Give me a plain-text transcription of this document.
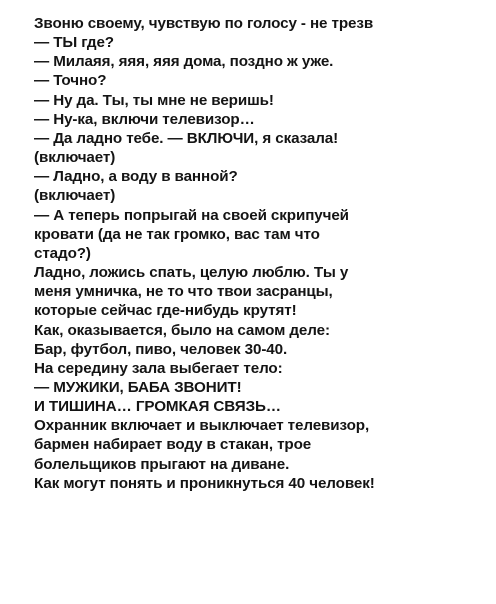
Звоню своему, чувствую по голосу - не трезв
— ТЫ где?
— Милаяя, яяя, яяя дома, поздно ж уже.
— Точно?
— Ну да. Ты, ты мне не веришь!
— Ну-ка, включи телевизор…
— Да ладно тебе. — ВКЛЮЧИ, я сказала!
(включает)
— Ладно, а воду в ванной?
(включает)
— А теперь попрыгай на своей скрипучей
кровати (да не так громко, вас там что
стадо?)
Ладно, ложись спать, целую люблю. Ты у
меня умничка, не то что твои засранцы,
которые сейчас где-нибудь крутят!
Как, оказывается, было на самом деле:
Бар, футбол, пиво, человек 30-40.
На середину зала выбегает тело:
— МУЖИКИ, БАБА ЗВОНИТ!
И ТИШИНА… ГРОМКАЯ СВЯЗЬ…
Охранник включает и выключает телевизор,
бармен набирает воду в стакан, трое
болельщиков прыгают на диване.
Как могут понять и проникнуться 40 человек!
